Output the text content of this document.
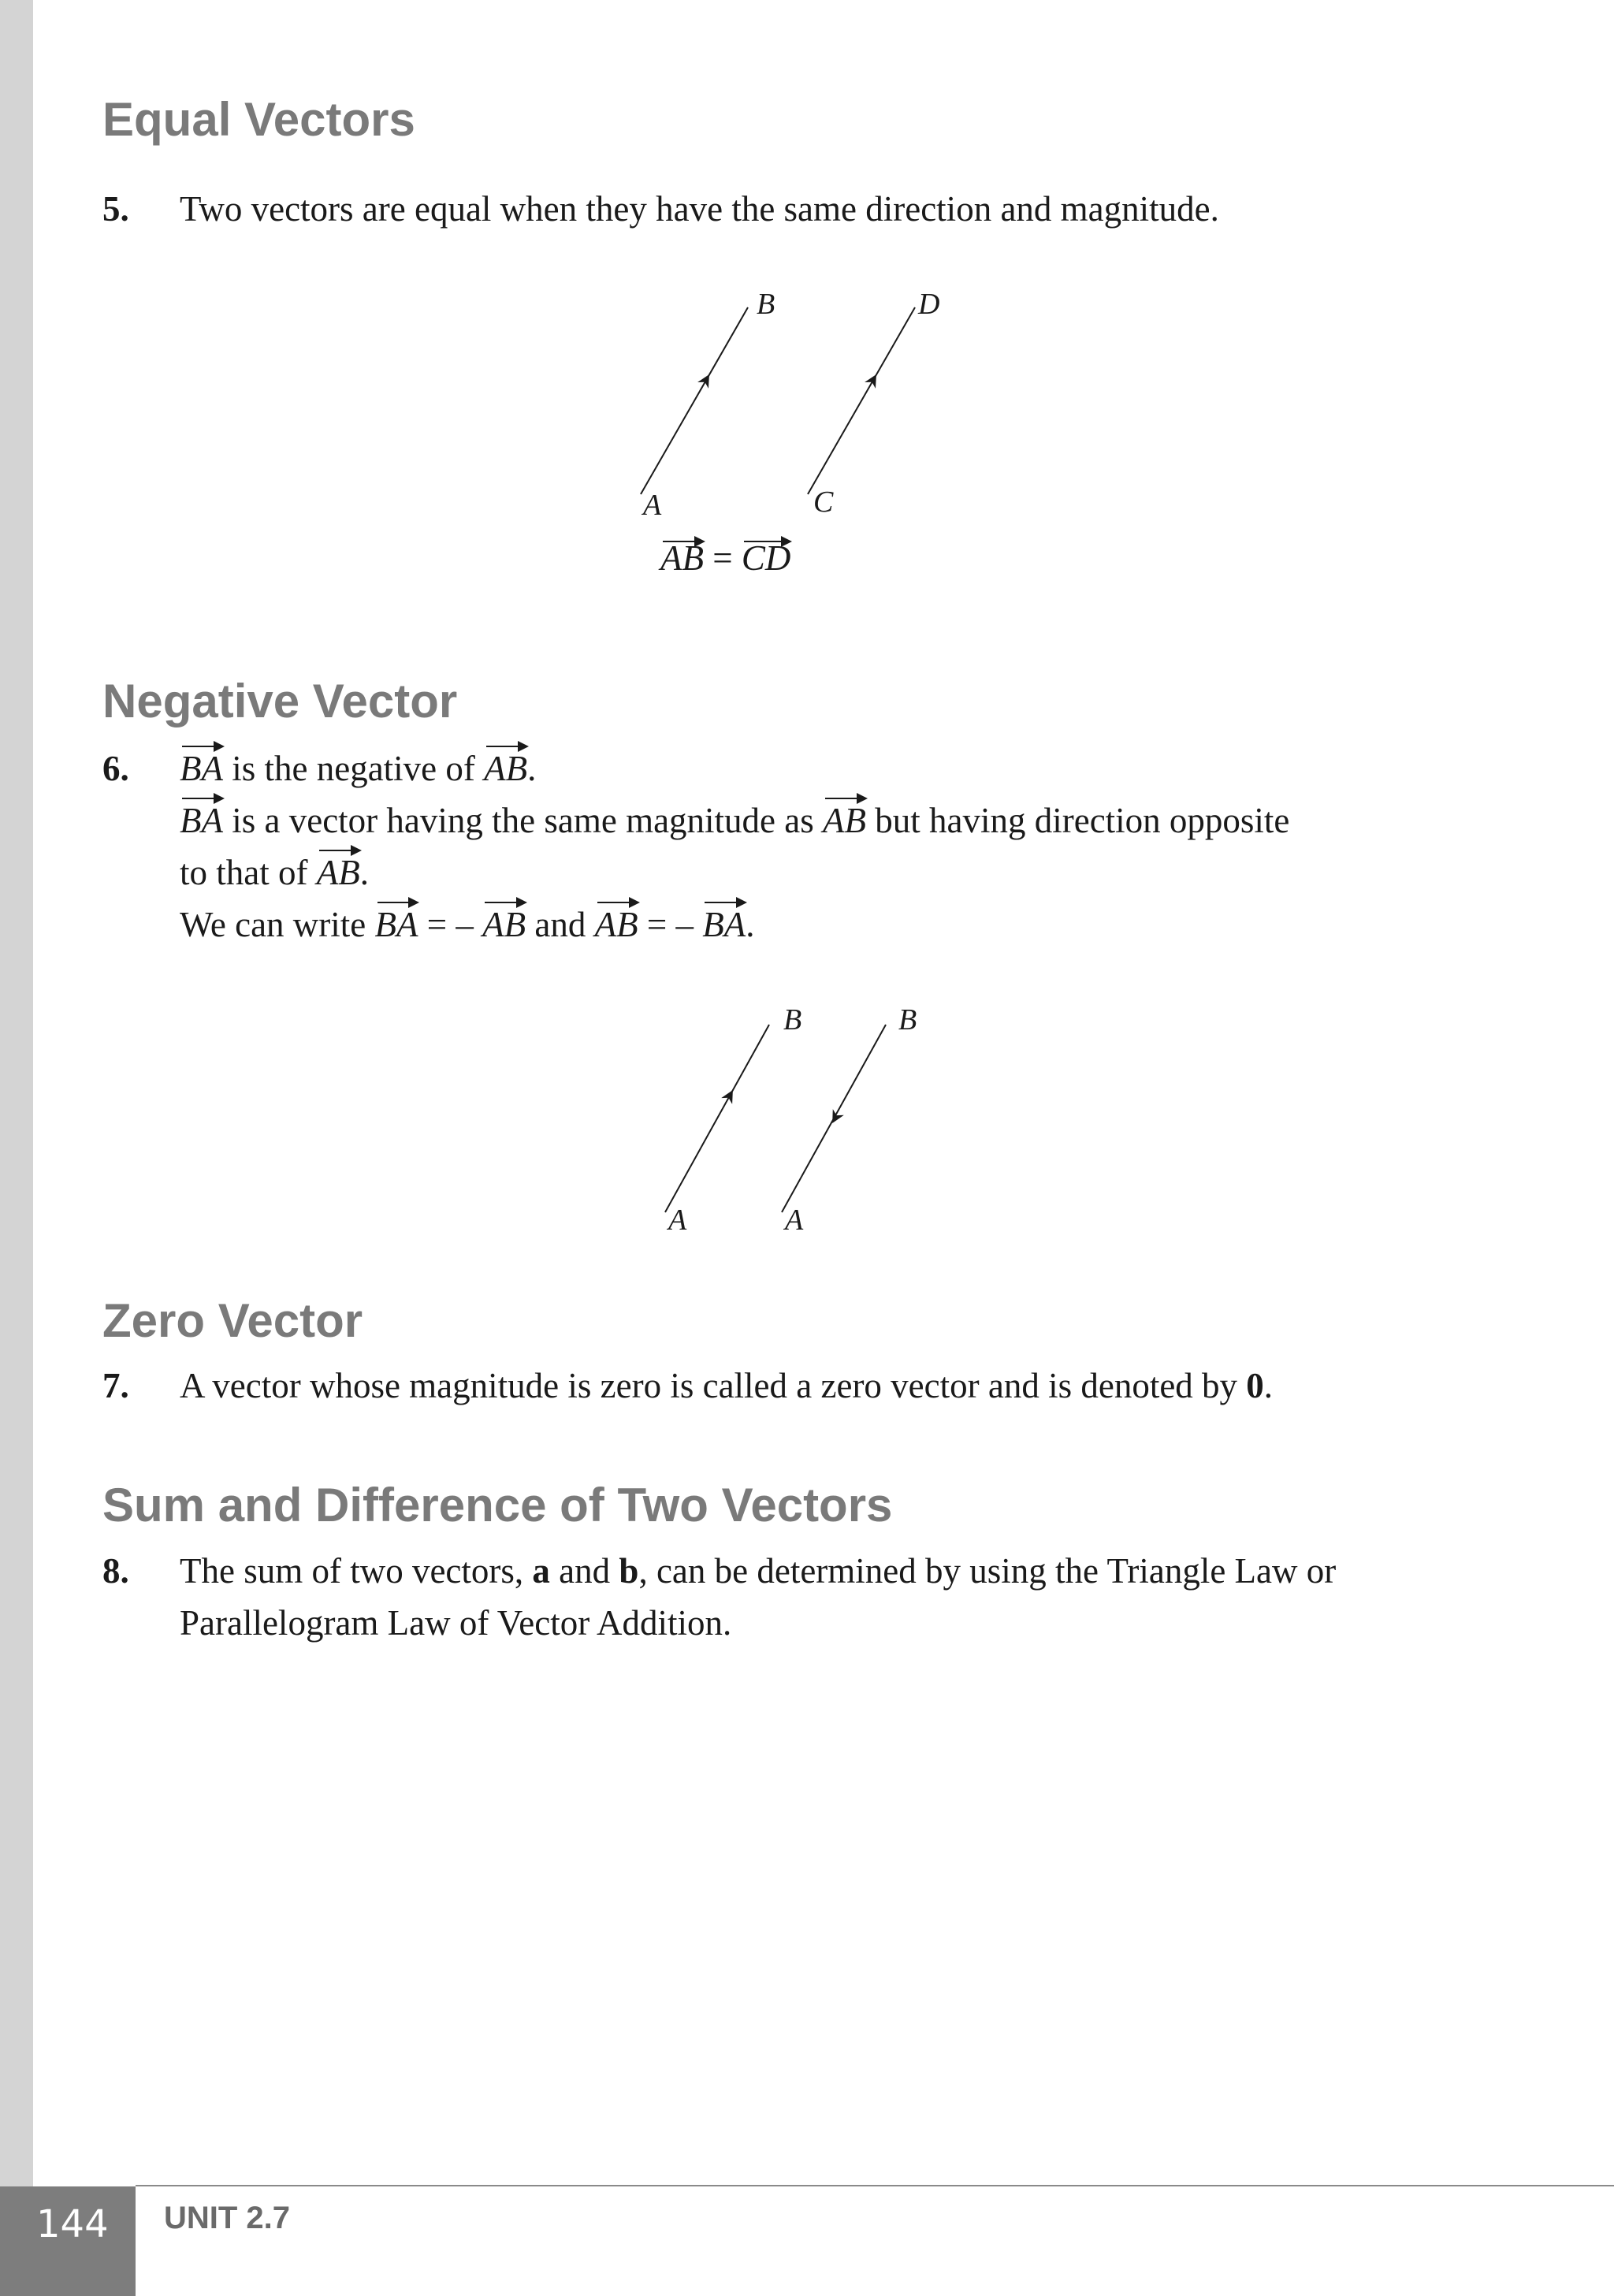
Equal Vectors
5. Two vectors are equal when they have the same direction and magnitude.
B	D
A	C
AB = CD
Negative Vector
6. BA is the negative of AB.
BA is a vector having the same magnitude as AB but having direction opposite
to that of AB.
We can write BA = – AB and AB = – BA.
B	B
A	A
Zero Vector
7. A vector whose magnitude is zero is called a zero vector and is denoted by 0.
Sum and Difference of Two Vectors
8. The sum of two vectors, a and b, can be determined by using the Triangle Law or
Parallelogram Law of Vector Addition.
144	UNIT 2.7
